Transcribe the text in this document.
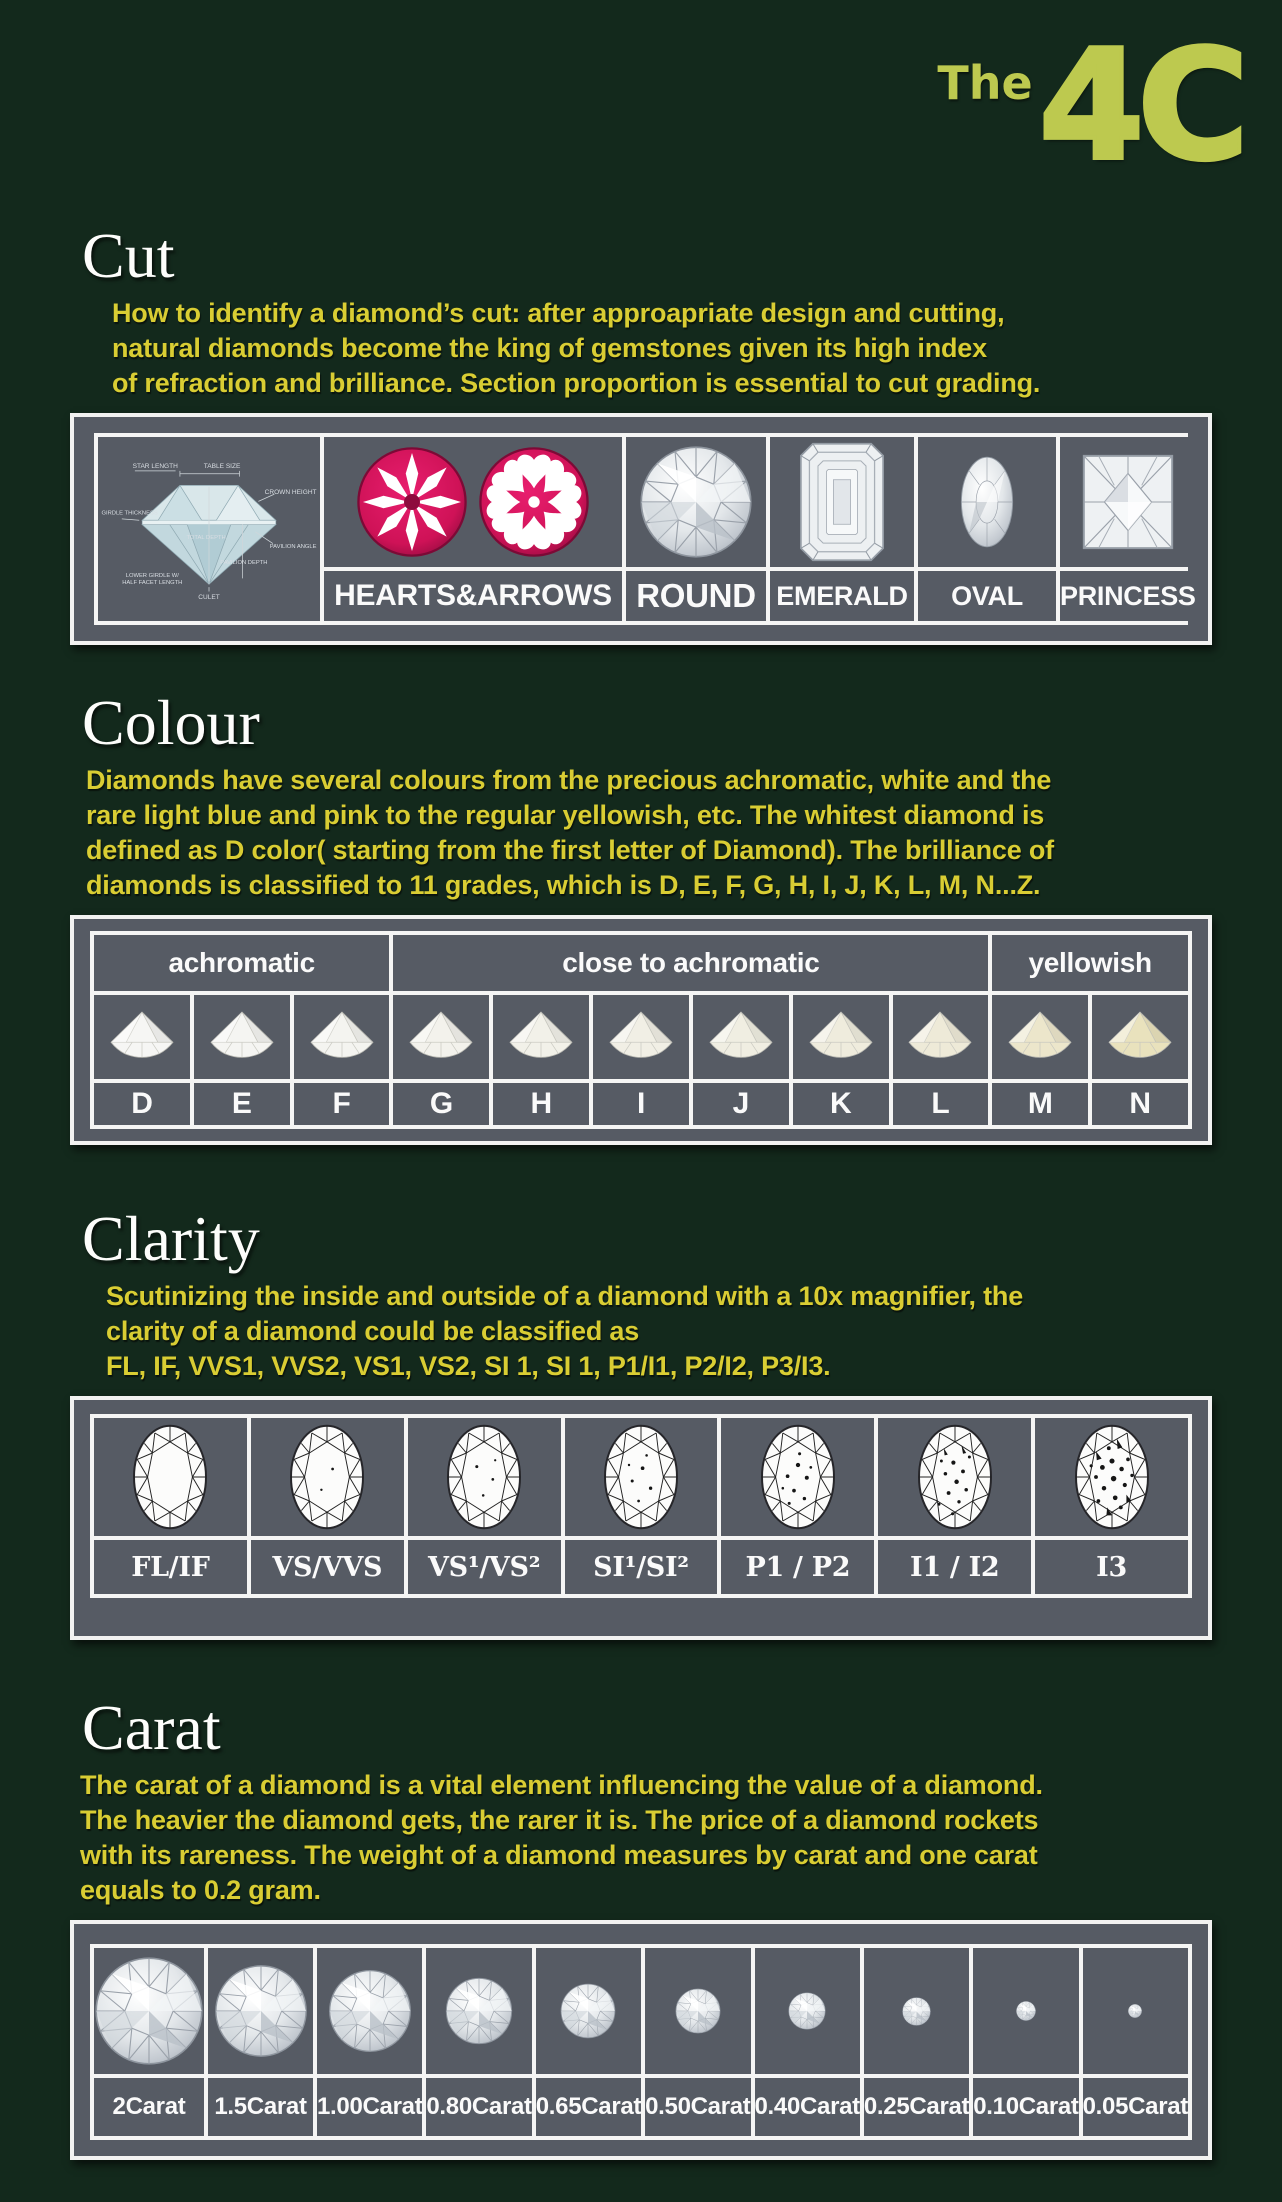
The 4C
Cut
How to identify a diamond’s cut: after approapriate design and cutting,
natural diamonds become the king of gemstones given its high index
of refraction and brilliance. Section proportion is essential to cut grading.
STAR LENGTH	TABLE SIZE
CROWN HEIGHT
GIRDLE THICKNESS
TOTAL DEPTH
PAVILION ANGLE
PAVILION DEPTH
LOWER GIRDLE W/
HALF FACET LENGTH
CULET	HEARTS&ARROWS ROUND EMERALD	OVAL	PRINCESS
Colour
Diamonds have several colours from the precious achromatic, white and the
rare light blue and pink to the regular yellowish, etc. The whitest diamond is
defined as D color( starting from the first letter of Diamond). The brilliance of
diamonds is classified to 11 grades, which is D, E, F, G, H, I, J, K, L, M, N...Z.
achromatic	close to achromatic	yellowish
D	E	F	G	H	I	J	K	L	M	N
Clarity
Scutinizing the inside and outside of a diamond with a 10x magnifier, the
clarity of a diamond could be classified as
FL, IF, VVS1, VVS2, VS1, VS2, SI 1, SI 1, P1/I1, P2/I2, P3/I3.
FL/IF	VS/VVS	VS¹/VS²	SI¹/SI²	P1 / P2	I1 / I2	I3
Carat
The carat of a diamond is a vital element influencing the value of a diamond.
The heavier the diamond gets, the rarer it is. The price of a diamond rockets
with its rareness. The weight of a diamond measures by carat and one carat
equals to 0.2 gram.
2Carat	1.5Carat 1.00Carat 0.80Carat 0.65Carat 0.50Carat 0.40Carat 0.25Carat 0.10Carat 0.05Carat
